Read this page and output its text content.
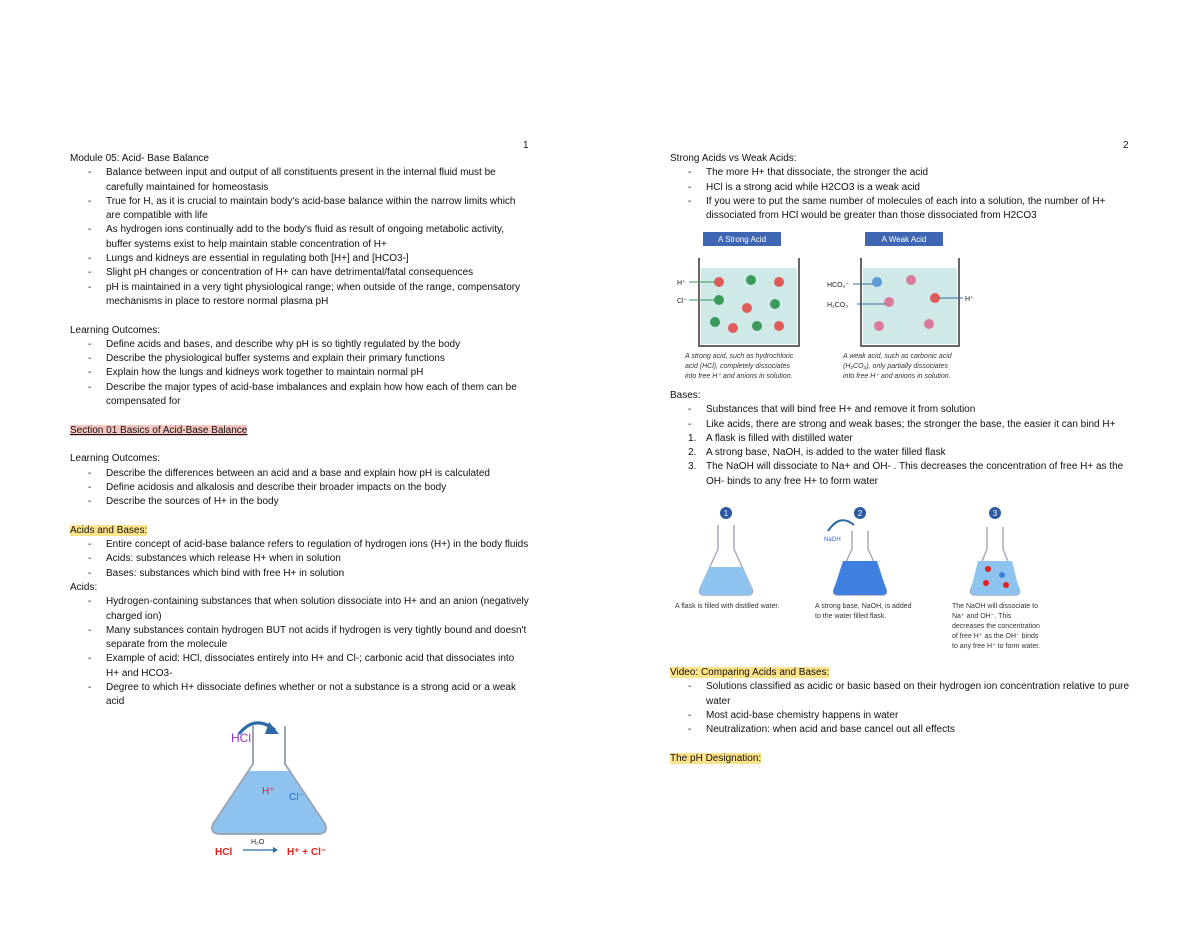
1

Module 05: Acid- Base Balance

- Balance between input and output of all constituents present in the internal fluid must be carefully maintained for homeostasis
- True for H, as it is crucial to maintain body's acid-base balance within the narrow limits which are compatible with life
- As hydrogen ions continually add to the body's fluid as result of ongoing metabolic activity, buffer systems exist to help maintain stable concentration of H+
- Lungs and kidneys are essential in regulating both [H+] and [HCO3-]
- Slight pH changes or concentration of H+ can have detrimental/fatal consequences
- pH is maintained in a very tight physiological range; when outside of the range, compensatory mechanisms in place to restore normal plasma pH

Learning Outcomes:

- Define acids and bases, and describe why pH is so tightly regulated by the body
- Describe the physiological buffer systems and explain their primary functions
- Explain how the lungs and kidneys work together to maintain normal pH
- Describe the major types of acid-base imbalances and explain how how each of them can be compensated for

Section 01 Basics of Acid-Base Balance

Learning Outcomes:

- Describe the differences between an acid and a base and explain how pH is calculated
- Define acidosis and alkalosis and describe their broader impacts on the body
- Describe the sources of H+ in the body

Acids and Bases:

- Entire concept of acid-base balance refers to regulation of hydrogen ions (H+) in the body fluids
- Acids: substances which release H+ when in solution
- Bases: substances which bind with free H+ in solution

Acids:

- Hydrogen-containing substances that when solution dissociate into H+ and an anion (negatively charged ion)
- Many substances contain hydrogen BUT not acids if hydrogen is very tightly bound and doesn't separate from the molecule
- Example of acid: HCl, dissociates entirely into H+ and Cl-; carbonic acid that dissociates into H+ and HCO3-
- Degree to which H+ dissociate defines whether or not a substance is a strong acid or a weak acid
HCl
H⁺
Cl⁻
HCl
H₂O
H⁺ + Cl⁻
2

Strong Acids vs Weak Acids:

- The more H+ that dissociate, the stronger the acid
- HCl is a strong acid while H2CO3 is a weak acid
- If you were to put the same number of molecules of each into a solution, the number of H+ dissociated from HCl would be greater than those dissociated from H2CO3
A Strong Acid
H⁺
Cl⁻
A Weak Acid
HCO₃⁻
H₂CO₃
H⁺
A strong acid, such as hydrochloric acid (HCl), completely dissociates into free H⁺ and anions in solution.
A weak acid, such as carbonic acid (H₂CO₃), only partially dissociates into free H⁺ and anions in solution.

Bases:

- Substances that will bind free H+ and remove it from solution
- Like acids, there are strong and weak bases; the stronger the base, the easier it can bind H+
1. A flask is filled with distilled water
2. A strong base, NaOH, is added to the water filled flask
3. The NaOH will dissociate to Na+ and OH- . This decreases the concentration of free H+ as the OH- binds to any free H+ to form water
1	2
NaOH
3
A flask is filled with distilled water.	A strong base, NaOH, is added to the water filled flask.
The NaOH will dissociate to Na⁺ and OH⁻. This decreases the concentration of free H⁺ as the OH⁻ binds to any free H⁺ to form water.

Video: Comparing Acids and Bases:

- Solutions classified as acidic or basic based on their hydrogen ion concentration relative to pure water
- Most acid-base chemistry happens in water
- Neutralization: when acid and base cancel out all effects

The pH Designation:
